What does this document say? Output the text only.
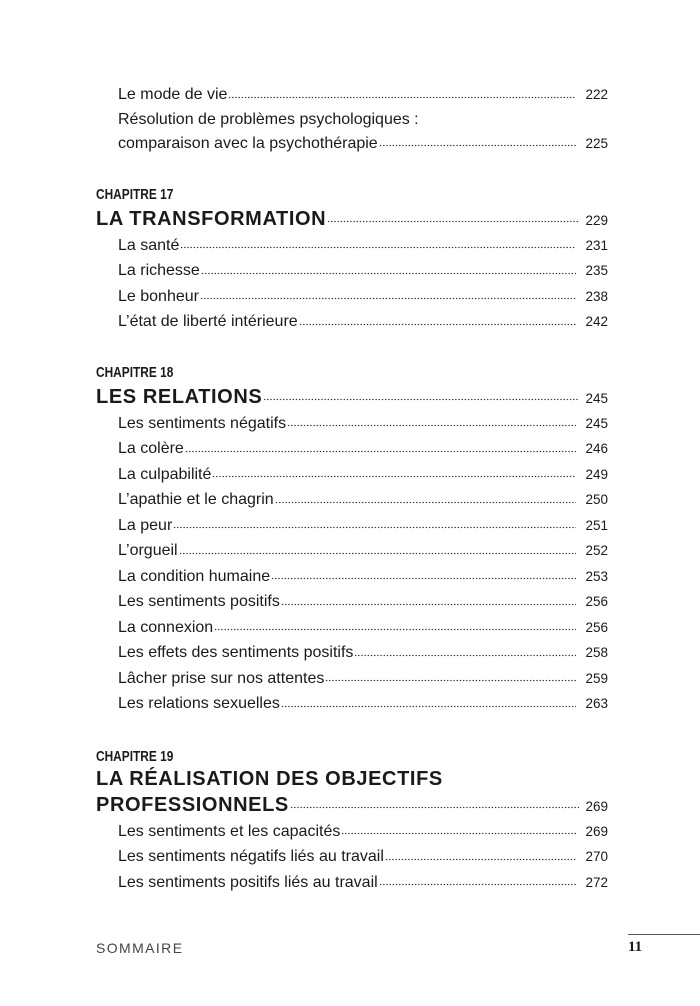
Le mode de vie	222
Résolution de problèmes psychologiques :
comparaison avec la psychothérapie	225
CHAPITRE 17
LA TRANSFORMATION	229
La santé	231
La richesse	235
Le bonheur	238
L’état de liberté intérieure	242
CHAPITRE 18
LES RELATIONS	245
Les sentiments négatifs	245
La colère	246
La culpabilité	249
L’apathie et le chagrin	250
La peur	251
L’orgueil	252
La condition humaine	253
Les sentiments positifs	256
La connexion	256
Les effets des sentiments positifs	258
Lâcher prise sur nos attentes	259
Les relations sexuelles	263
CHAPITRE 19
LA RÉALISATION DES OBJECTIFS
PROFESSIONNELS	269
Les sentiments et les capacités	269
Les sentiments négatifs liés au travail	270
Les sentiments positifs liés au travail	272
SOMMAIRE	11
